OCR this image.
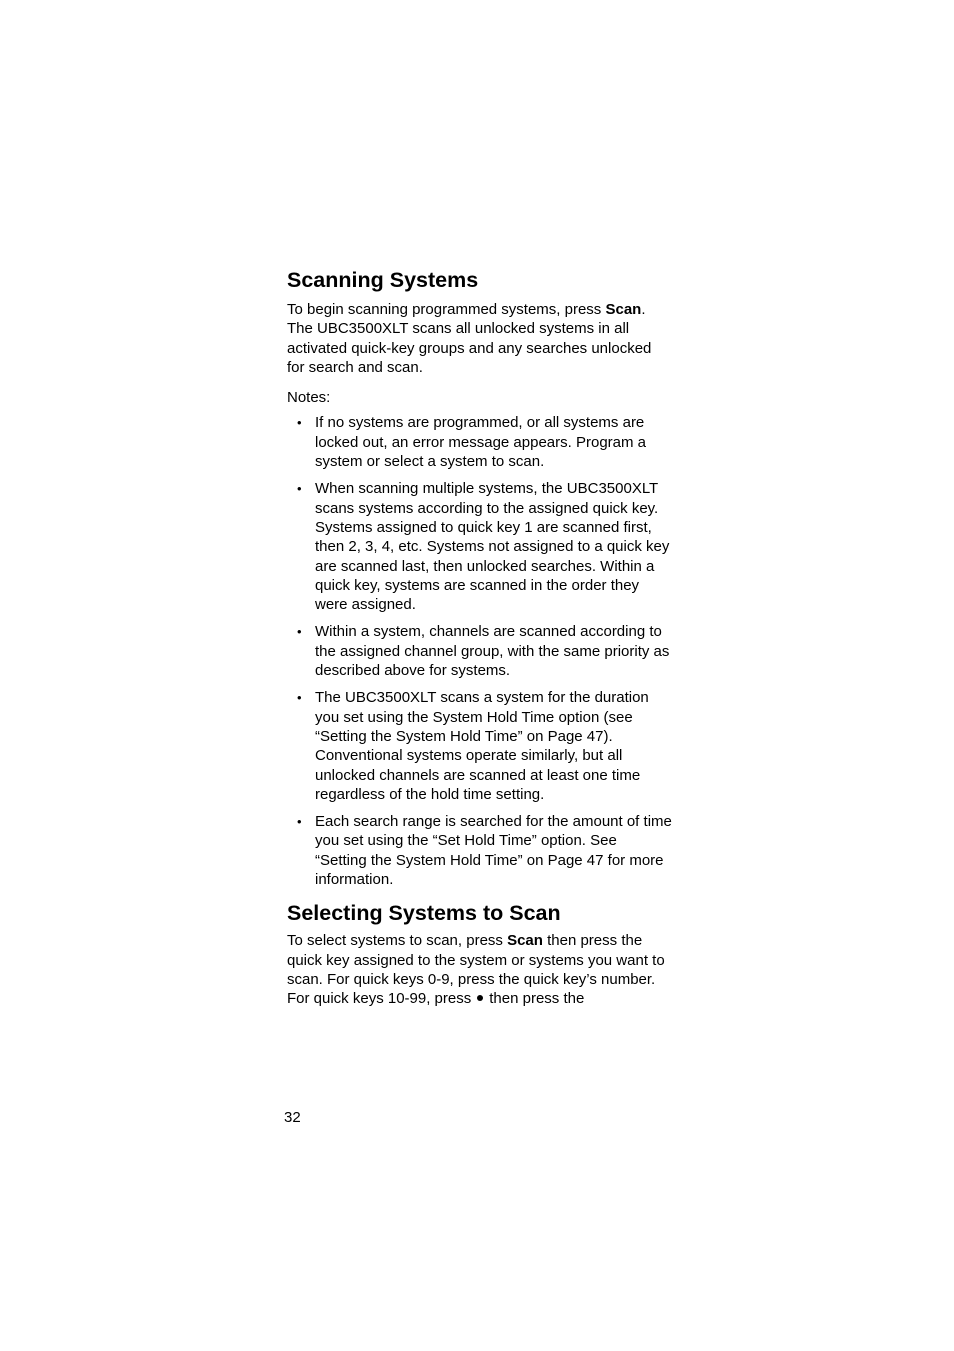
Scanning Systems

To begin scanning programmed systems, press Scan. The UBC3500XLT scans all unlocked systems in all activated quick-key groups and any searches unlocked for search and scan.

Notes:

• If no systems are programmed, or all systems are locked out, an error message appears. Program a system or select a system to scan.
• When scanning multiple systems, the UBC3500XLT scans systems according to the assigned quick key. Systems assigned to quick key 1 are scanned first, then 2, 3, 4, etc. Systems not assigned to a quick key are scanned last, then unlocked searches. Within a quick key, systems are scanned in the order they were assigned.
• Within a system, channels are scanned according to the assigned channel group, with the same priority as described above for systems.
• The UBC3500XLT scans a system for the duration you set using the System Hold Time option (see “Setting the System Hold Time” on Page 47). Conventional systems operate similarly, but all unlocked channels are scanned at least one time regardless of the hold time setting.
• Each search range is searched for the amount of time you set using the “Set Hold Time” option. See “Setting the System Hold Time” on Page 47 for more information.
Selecting Systems to Scan

To select systems to scan, press Scan then press the quick key assigned to the system or systems you want to scan. For quick keys 0-9, press the quick key’s number. For quick keys 10-99, press then press the

32
